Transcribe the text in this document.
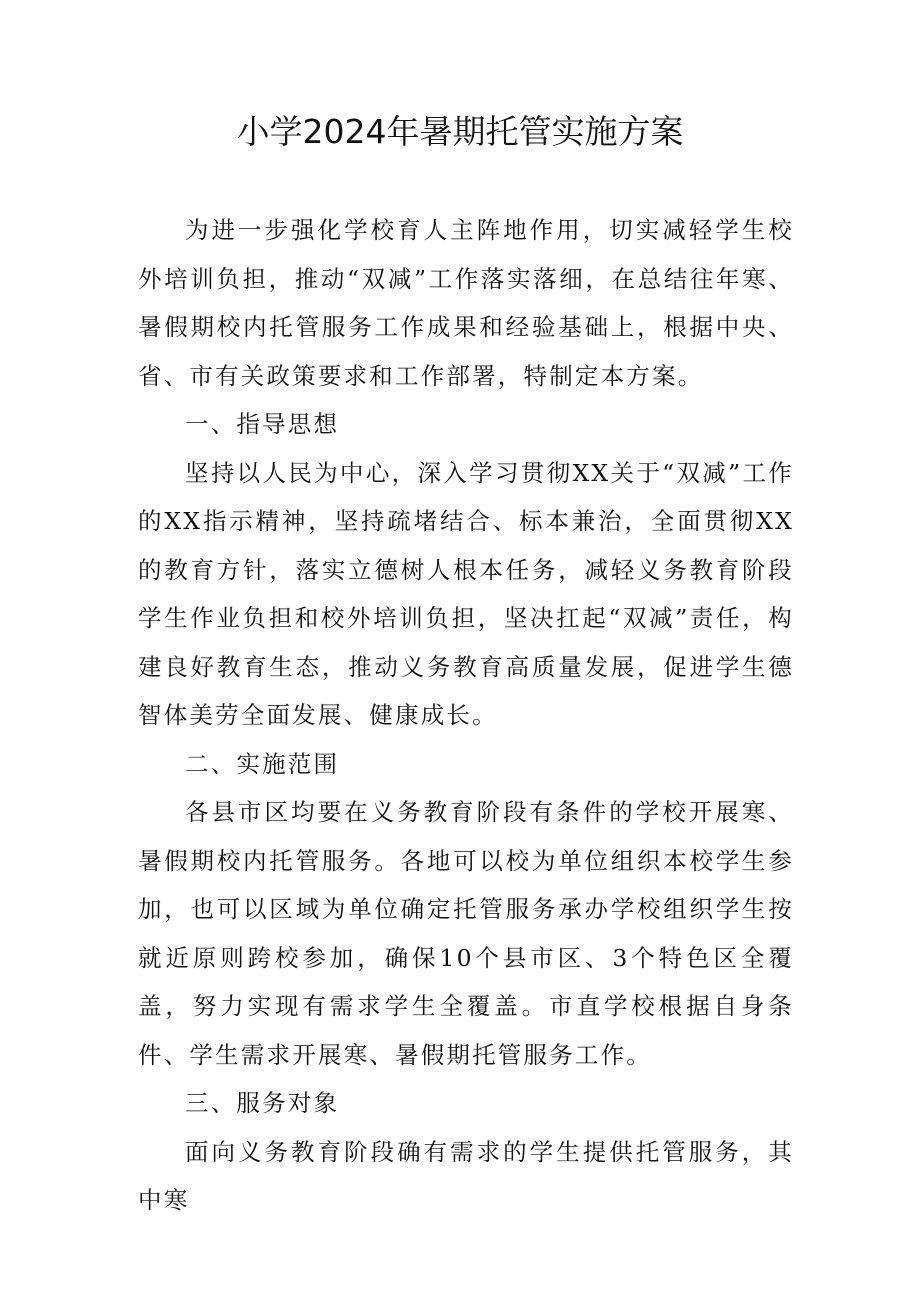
小学2024年暑期托管实施方案

为进一步强化学校育人主阵地作用，切实减轻学生校外培训负担，推动“双减”工作落实落细，在总结往年寒、暑假期校内托管服务工作成果和经验基础上，根据中央、省、市有关政策要求和工作部署，特制定本方案。

一、指导思想

坚持以人民为中心，深入学习贯彻XX关于“双减”工作的XX指示精神，坚持疏堵结合、标本兼治，全面贯彻XX的教育方针，落实立德树人根本任务，减轻义务教育阶段学生作业负担和校外培训负担，坚决扛起“双减”责任，构建良好教育生态，推动义务教育高质量发展，促进学生德智体美劳全面发展、健康成长。

二、实施范围

各县市区均要在义务教育阶段有条件的学校开展寒、暑假期校内托管服务。各地可以校为单位组织本校学生参加，也可以区域为单位确定托管服务承办学校组织学生按就近原则跨校参加，确保10个县市区、3个特色区全覆盖，努力实现有需求学生全覆盖。市直学校根据自身条件、学生需求开展寒、暑假期托管服务工作。

三、服务对象

面向义务教育阶段确有需求的学生提供托管服务，其中寒
